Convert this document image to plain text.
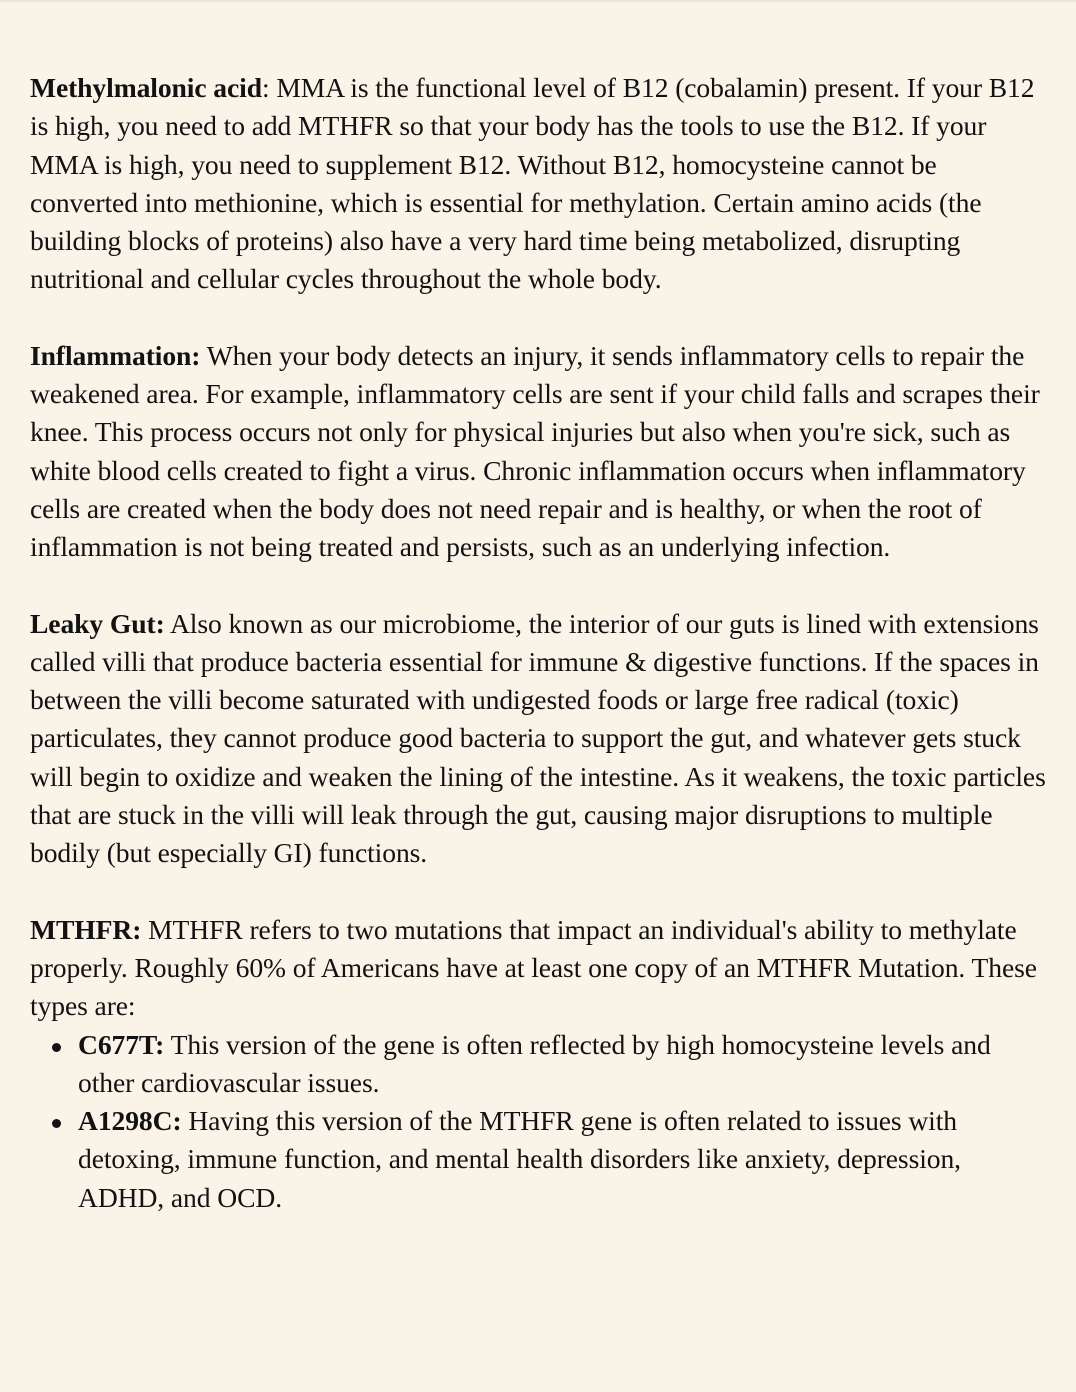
Methylmalonic acid: MMA is the functional level of B12 (cobalamin) present. If your B12 is high, you need to add MTHFR so that your body has the tools to use the B12. If your MMA is high, you need to supplement B12. Without B12, homocysteine cannot be converted into methionine, which is essential for methylation. Certain amino acids (the building blocks of proteins) also have a very hard time being metabolized, disrupting nutritional and cellular cycles throughout the whole body.

Inflammation: When your body detects an injury, it sends inflammatory cells to repair the weakened area. For example, inflammatory cells are sent if your child falls and scrapes their knee. This process occurs not only for physical injuries but also when you're sick, such as white blood cells created to fight a virus. Chronic inflammation occurs when inflammatory cells are created when the body does not need repair and is healthy, or when the root of inflammation is not being treated and persists, such as an underlying infection.

Leaky Gut: Also known as our microbiome, the interior of our guts is lined with extensions called villi that produce bacteria essential for immune & digestive functions. If the spaces in between the villi become saturated with undigested foods or large free radical (toxic) particulates, they cannot produce good bacteria to support the gut, and whatever gets stuck will begin to oxidize and weaken the lining of the intestine. As it weakens, the toxic particles that are stuck in the villi will leak through the gut, causing major disruptions to multiple bodily (but especially GI) functions.

MTHFR: MTHFR refers to two mutations that impact an individual's ability to methylate properly. Roughly 60% of Americans have at least one copy of an MTHFR Mutation. These types are:

C677T: This version of the gene is often reflected by high homocysteine levels and other cardiovascular issues.
A1298C: Having this version of the MTHFR gene is often related to issues with detoxing, immune function, and mental health disorders like anxiety, depression, ADHD, and OCD.
